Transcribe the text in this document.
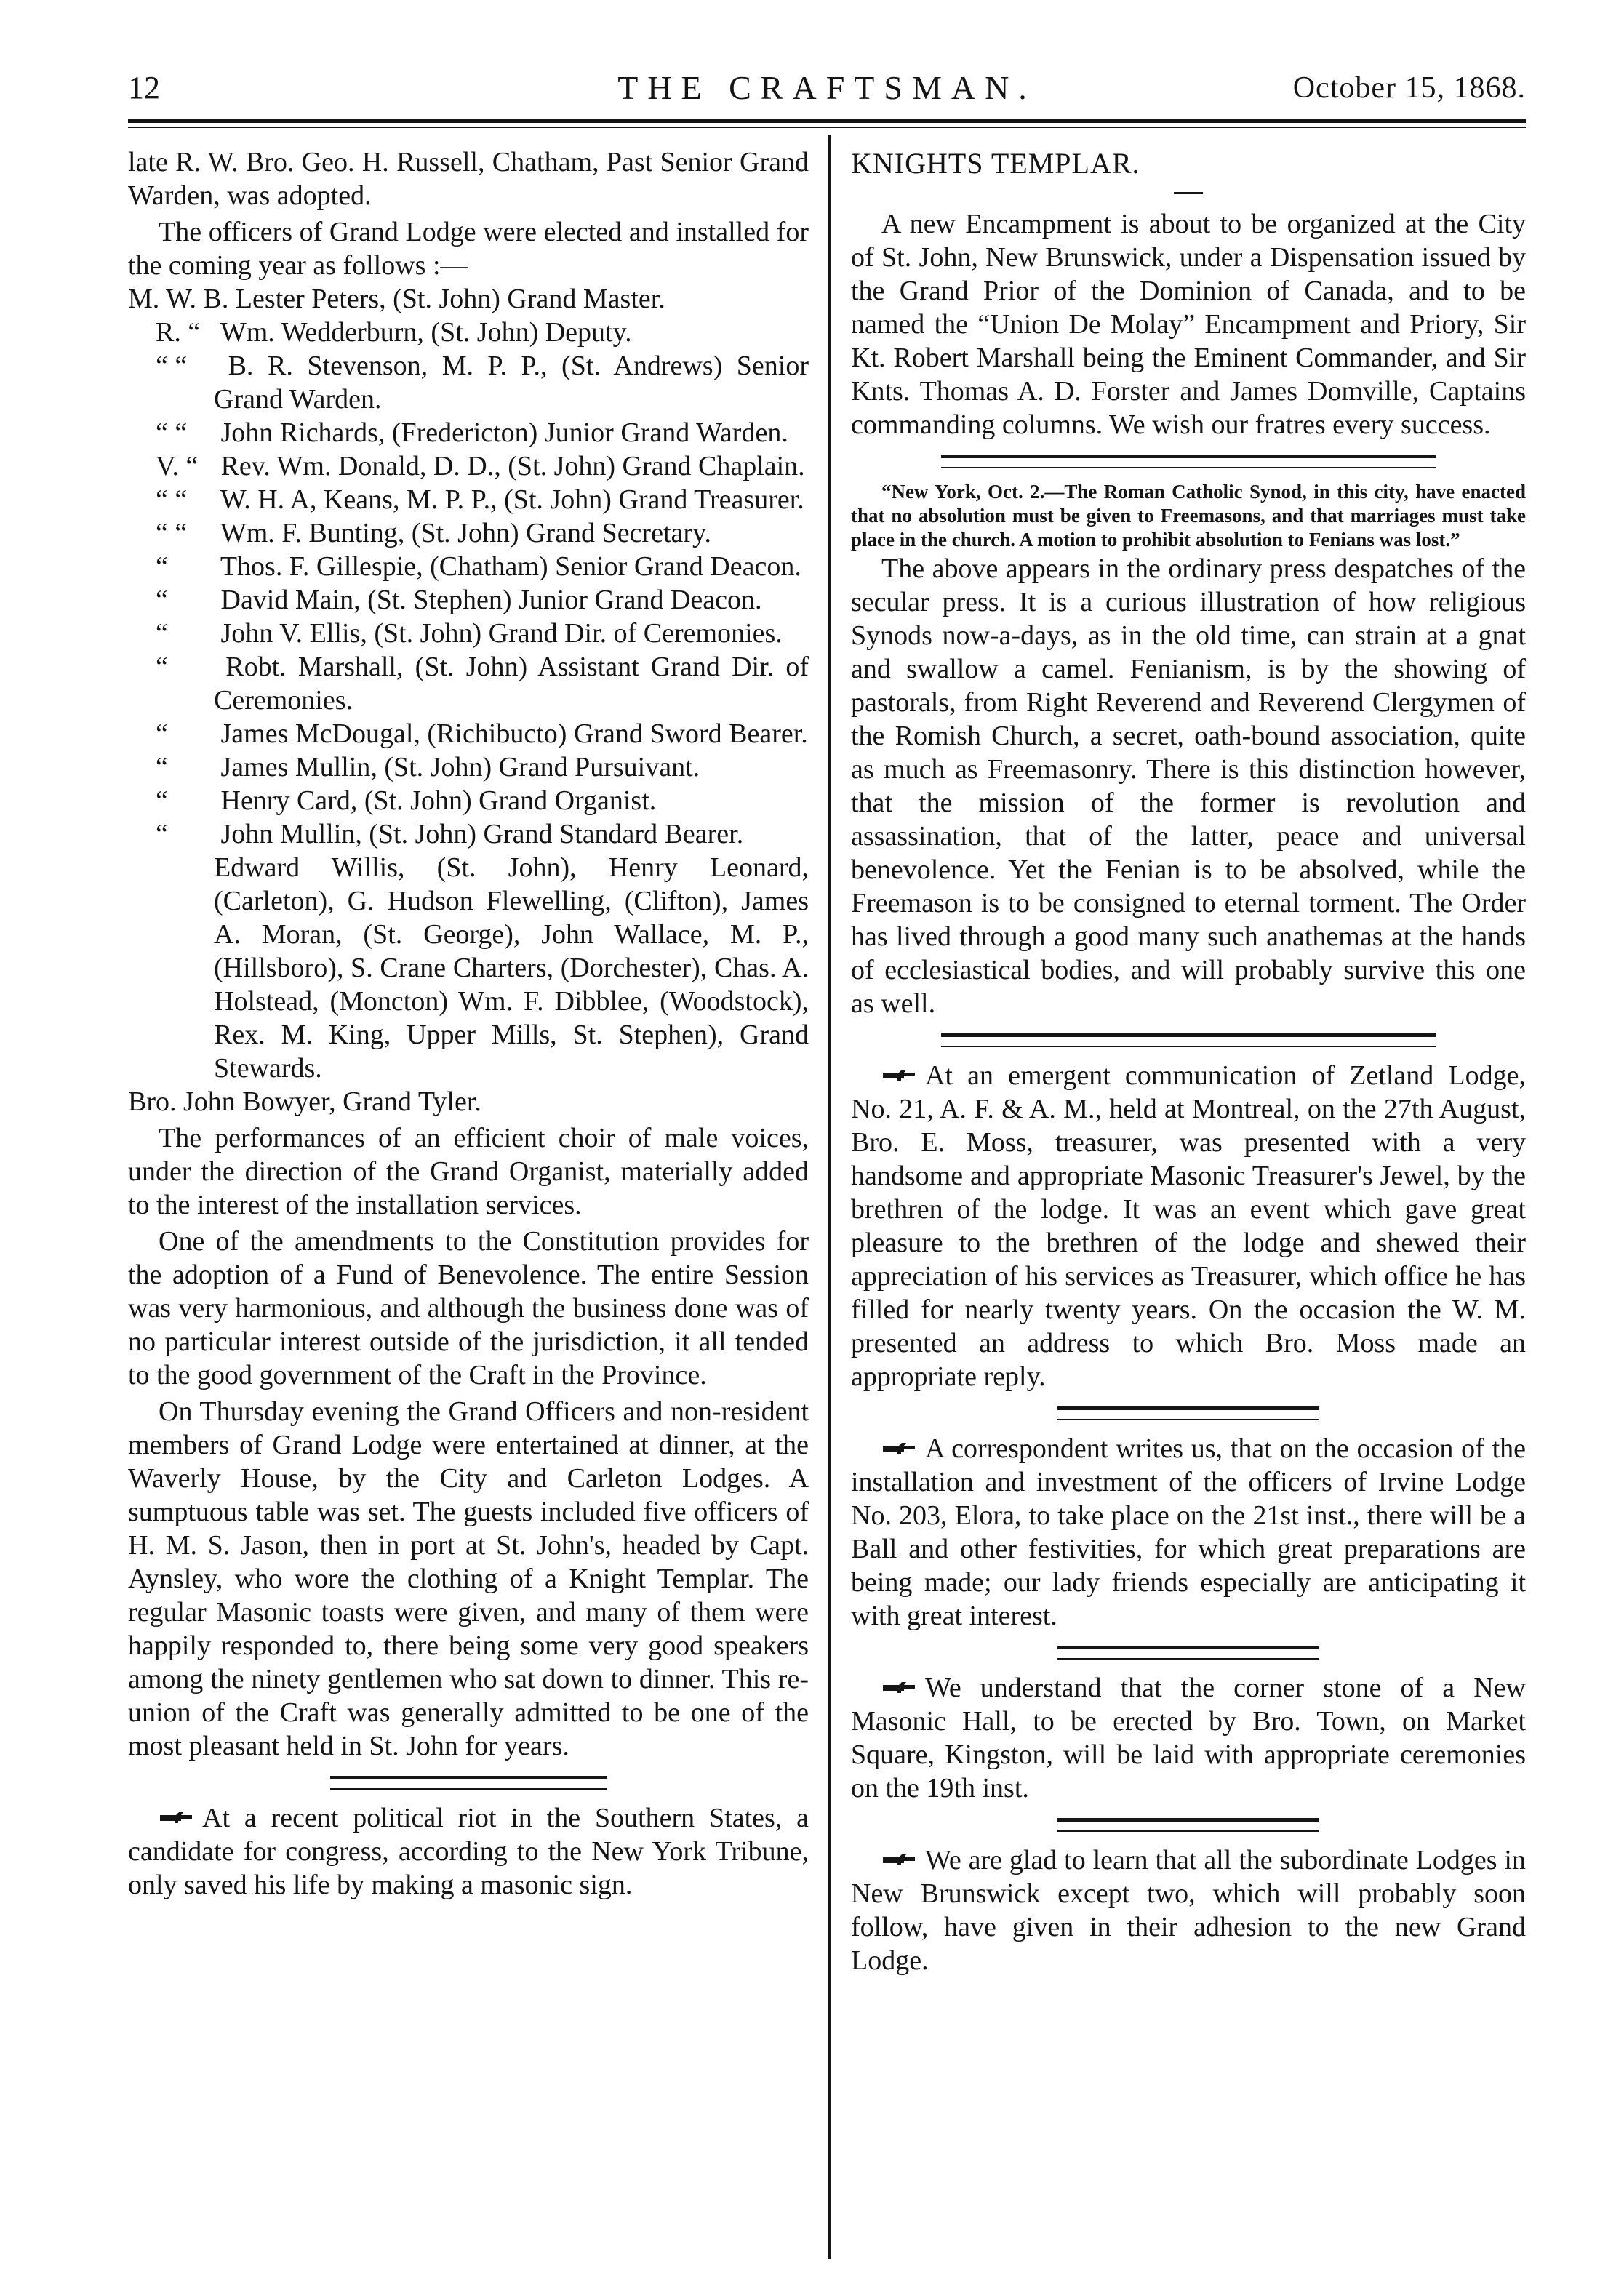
12	THE CRAFTSMAN.	October 15, 1868.

late R. W. Bro. Geo. H. Russell, Chatham, Past Senior Grand Warden, was adopted.

The officers of Grand Lodge were elected and installed for the coming year as follows :—

M. W. B. Lester Peters, (St. John) Grand Master.

R. “ Wm. Wedderburn, (St. John) Deputy.

“ “ B. R. Stevenson, M. P. P., (St. Andrews) Senior Grand Warden.

“ “ John Richards, (Fredericton) Junior Grand Warden.

V. “ Rev. Wm. Donald, D. D., (St. John) Grand Chaplain.

“ “ W. H. A, Keans, M. P. P., (St. John) Grand Treasurer.

“ “ Wm. F. Bunting, (St. John) Grand Secretary.

“ Thos. F. Gillespie, (Chatham) Senior Grand Deacon.

“ David Main, (St. Stephen) Junior Grand Deacon.

“ John V. Ellis, (St. John) Grand Dir. of Ceremonies.

“ Robt. Marshall, (St. John) Assistant Grand Dir. of Ceremonies.

“ James McDougal, (Richibucto) Grand Sword Bearer.

“ James Mullin, (St. John) Grand Pursuivant.

“ Henry Card, (St. John) Grand Organist.

“ John Mullin, (St. John) Grand Standard Bearer.

Edward Willis, (St. John), Henry Leonard, (Carleton), G. Hudson Flewelling, (Clifton), James A. Moran, (St. George), John Wallace, M. P., (Hillsboro), S. Crane Charters, (Dorchester), Chas. A. Holstead, (Moncton) Wm. F. Dibblee, (Woodstock), Rex. M. King, Upper Mills, St. Stephen), Grand Stewards.

Bro. John Bowyer, Grand Tyler.

The performances of an efficient choir of male voices, under the direction of the Grand Organist, materially added to the interest of the installation services.

One of the amendments to the Constitution provides for the adoption of a Fund of Benevolence. The entire Session was very harmonious, and although the business done was of no particular interest outside of the jurisdiction, it all tended to the good government of the Craft in the Province.

On Thursday evening the Grand Officers and non-resident members of Grand Lodge were entertained at dinner, at the Waverly House, by the City and Carleton Lodges. A sumptuous table was set. The guests included five officers of H. M. S. Jason, then in port at St. John's, headed by Capt. Aynsley, who wore the clothing of a Knight Templar. The regular Masonic toasts were given, and many of them were happily responded to, there being some very good speakers among the ninety gentlemen who sat down to dinner. This re-union of the Craft was generally admitted to be one of the most pleasant held in St. John for years.

At a recent political riot in the Southern States, a candidate for congress, according to the New York Tribune, only saved his life by making a masonic sign.

KNIGHTS TEMPLAR.

A new Encampment is about to be organized at the City of St. John, New Brunswick, under a Dispensation issued by the Grand Prior of the Dominion of Canada, and to be named the “Union De Molay” Encampment and Priory, Sir Kt. Robert Marshall being the Eminent Commander, and Sir Knts. Thomas A. D. Forster and James Domville, Captains commanding columns. We wish our fratres every success.

“New York, Oct. 2.—The Roman Catholic Synod, in this city, have enacted that no absolution must be given to Freemasons, and that marriages must take place in the church. A motion to prohibit absolution to Fenians was lost.”

The above appears in the ordinary press despatches of the secular press. It is a curious illustration of how religious Synods now-a-days, as in the old time, can strain at a gnat and swallow a camel. Fenianism, is by the showing of pastorals, from Right Reverend and Reverend Clergymen of the Romish Church, a secret, oath-bound association, quite as much as Freemasonry. There is this distinction however, that the mission of the former is revolution and assassination, that of the latter, peace and universal benevolence. Yet the Fenian is to be absolved, while the Freemason is to be consigned to eternal torment. The Order has lived through a good many such anathemas at the hands of ecclesiastical bodies, and will probably survive this one as well.

At an emergent communication of Zetland Lodge, No. 21, A. F. & A. M., held at Montreal, on the 27th August, Bro. E. Moss, treasurer, was presented with a very handsome and appropriate Masonic Treasurer's Jewel, by the brethren of the lodge. It was an event which gave great pleasure to the brethren of the lodge and shewed their appreciation of his services as Treasurer, which office he has filled for nearly twenty years. On the occasion the W. M. presented an address to which Bro. Moss made an appropriate reply.

A correspondent writes us, that on the occasion of the installation and investment of the officers of Irvine Lodge No. 203, Elora, to take place on the 21st inst., there will be a Ball and other festivities, for which great preparations are being made; our lady friends especially are anticipating it with great interest.

We understand that the corner stone of a New Masonic Hall, to be erected by Bro. Town, on Market Square, Kingston, will be laid with appropriate ceremonies on the 19th inst.

We are glad to learn that all the subordinate Lodges in New Brunswick except two, which will probably soon follow, have given in their adhesion to the new Grand Lodge.
